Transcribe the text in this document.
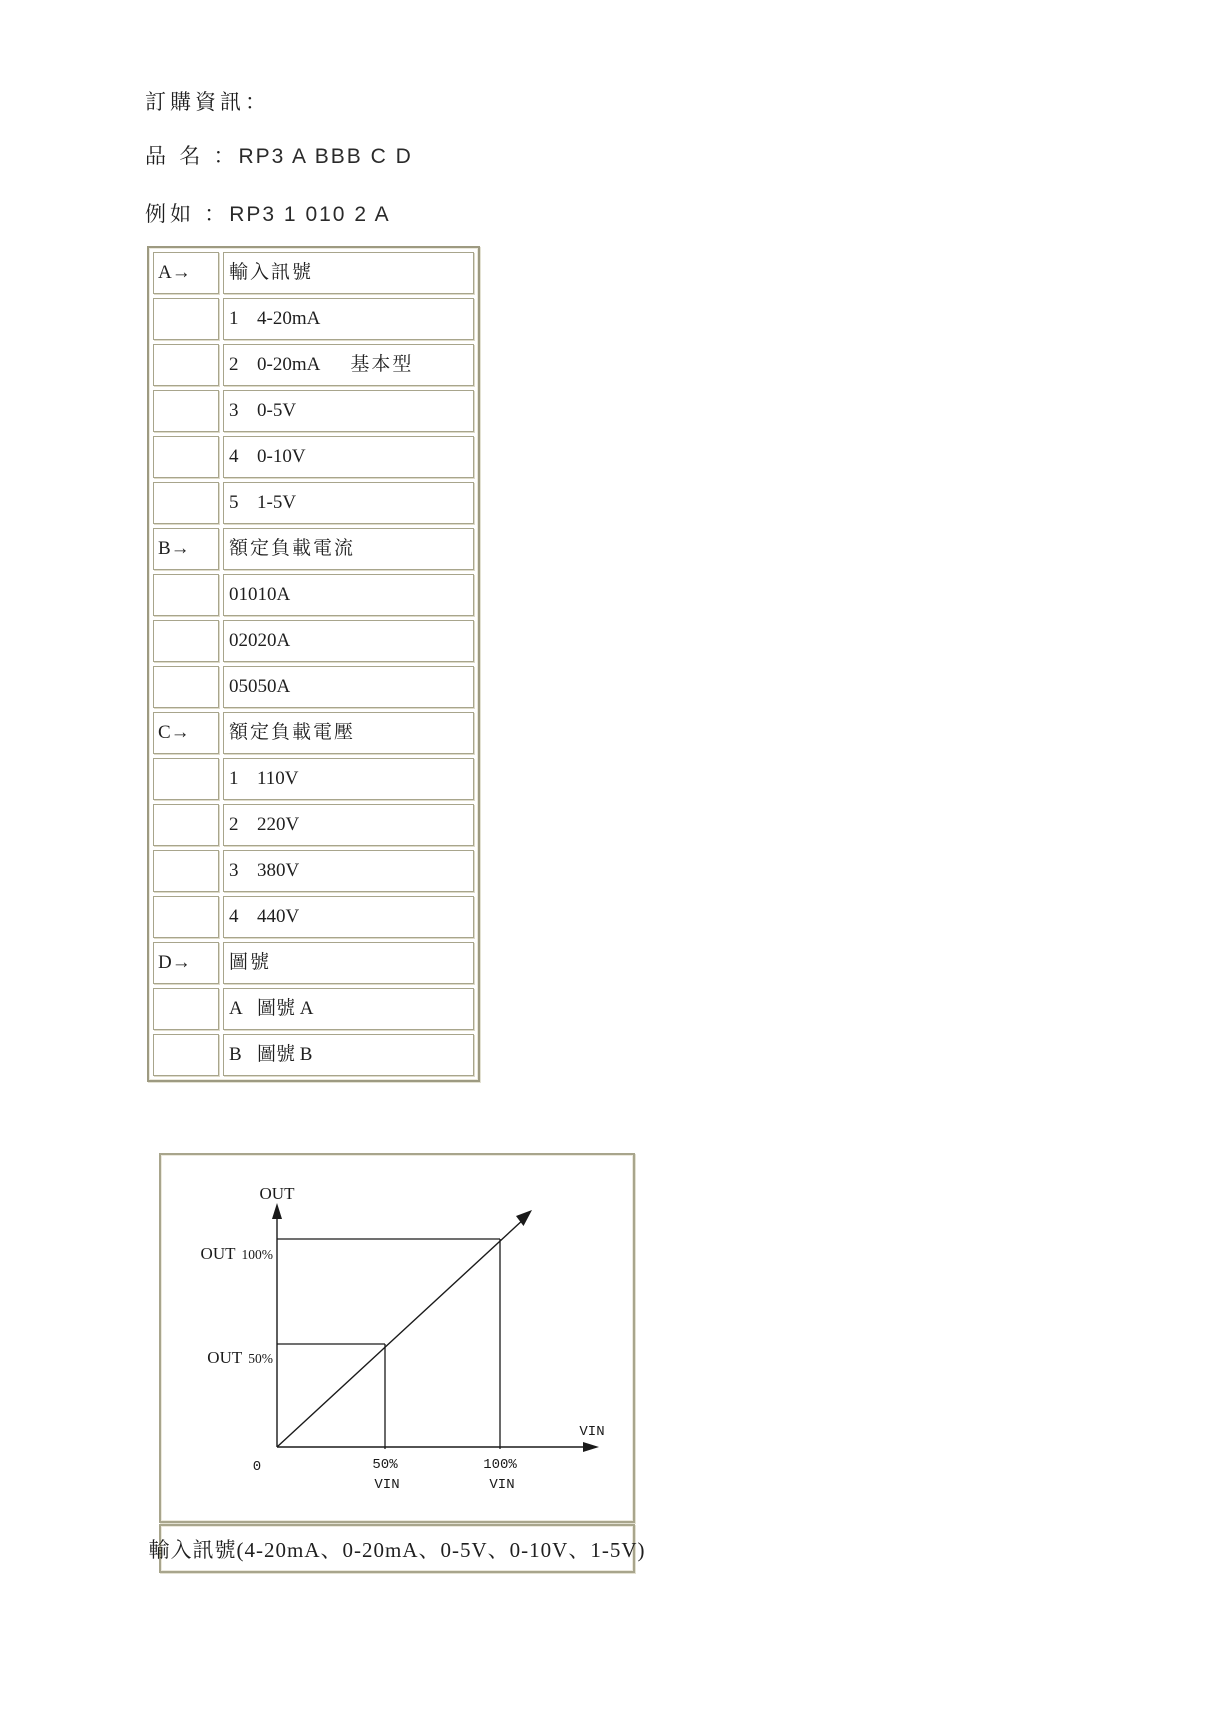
訂購資訊：
品 名 ：RP3 A BBB C D
例如 ：RP3 1 010 2 A
A→	輸入訊號
	1 4-20mA
	2 0-20mA 基本型
	3 0-5V
	4 0-10V
	5 1-5V
B→	額定負載電流
	01010A
	02020A
	05050A
C→	額定負載電壓
	1 110V
	2 220V
	3 380V
	4 440V
D→	圖號
	A 圖號 A
	B 圖號 B
OUT
OUT 100%
OUT 50%
0	50%
VIN
100%
VIN
VIN
輸入訊號(4-20mA、0-20mA、0-5V、0-10V、1-5V)
